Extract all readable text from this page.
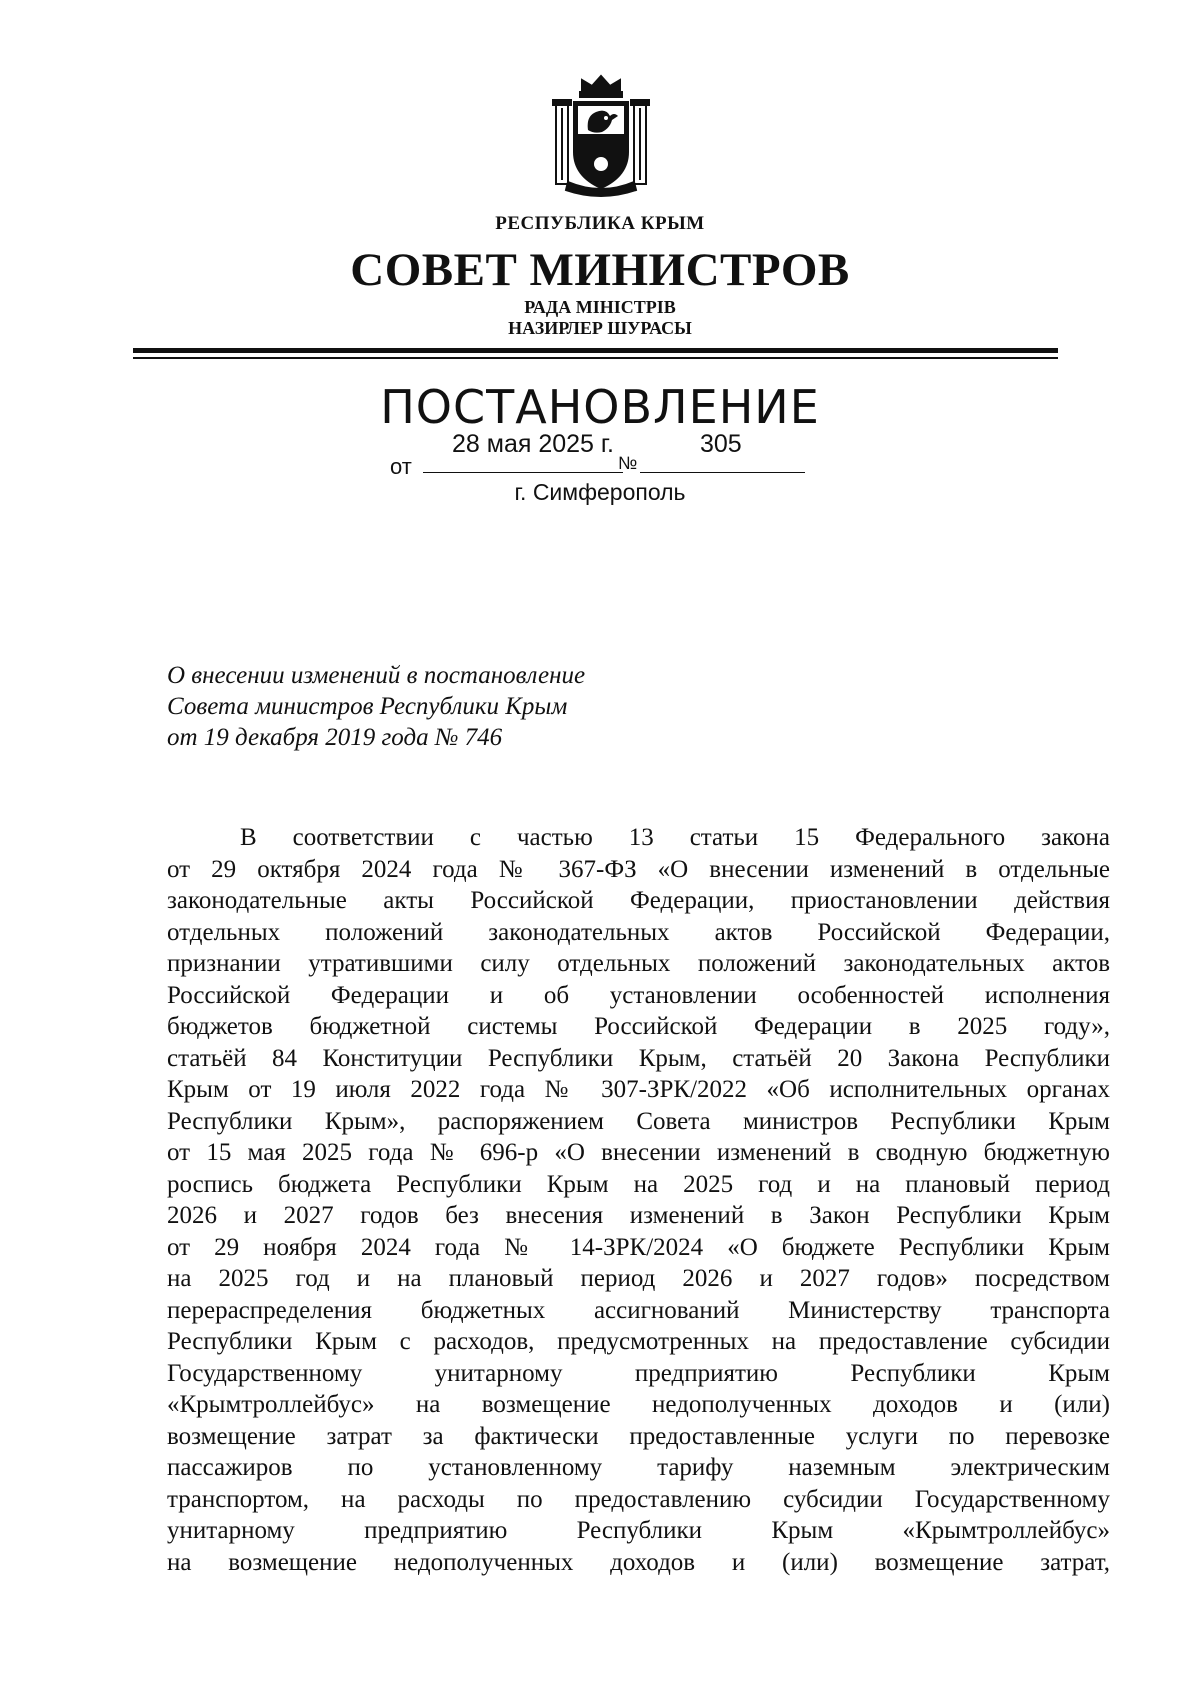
РЕСПУБЛИКА КРЫМ
СОВЕТ МИНИСТРОВ
РАДА МІНІСТРІВ
НАЗИРЛЕР ШУРАСЫ
ПОСТАНОВЛЕНИЕ
от
28 мая 2025 г.
№
305
г. Симферополь
О внесении изменений в постановление
Совета министров Республики Крым
от 19 декабря 2019 года № 746
В соответствии с частью 13 статьи 15 Федерального закона
от 29 октября 2024 года № 367-ФЗ «О внесении изменений в отдельные
законодательные акты Российской Федерации, приостановлении действия
отдельных положений законодательных актов Российской Федерации,
признании утратившими силу отдельных положений законодательных актов
Российской Федерации и об установлении особенностей исполнения
бюджетов бюджетной системы Российской Федерации в 2025 году»,
статьёй 84 Конституции Республики Крым, статьёй 20 Закона Республики
Крым от 19 июля 2022 года № 307-ЗРК/2022 «Об исполнительных органах
Республики Крым», распоряжением Совета министров Республики Крым
от 15 мая 2025 года № 696-р «О внесении изменений в сводную бюджетную
роспись бюджета Республики Крым на 2025 год и на плановый период
2026 и 2027 годов без внесения изменений в Закон Республики Крым
от 29 ноября 2024 года № 14-ЗРК/2024 «О бюджете Республики Крым
на 2025 год и на плановый период 2026 и 2027 годов» посредством
перераспределения бюджетных ассигнований Министерству транспорта
Республики Крым с расходов, предусмотренных на предоставление субсидии
Государственному унитарному предприятию Республики Крым
«Крымтроллейбус» на возмещение недополученных доходов и (или)
возмещение затрат за фактически предоставленные услуги по перевозке
пассажиров по установленному тарифу наземным электрическим
транспортом, на расходы по предоставлению субсидии Государственному
унитарному предприятию Республики Крым «Крымтроллейбус»
на возмещение недополученных доходов и (или) возмещение затрат,
